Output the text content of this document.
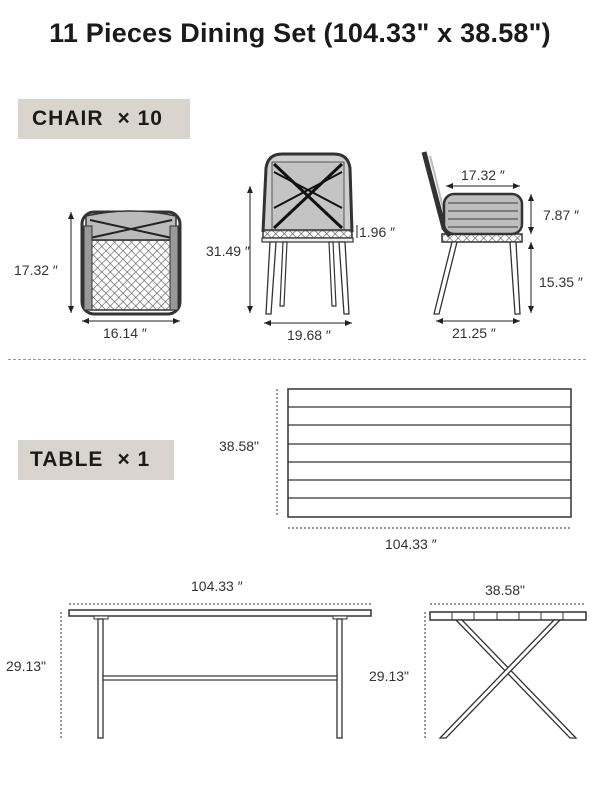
11 Pieces Dining Set (104.33" x 38.58")
CHAIR × 10
TABLE × 1
17.32 ″
16.14 ″
31.49 ″
1.96 ″
19.68 ″
17.32 ″
7.87 ″
15.35 ″
21.25 ″
38.58"
104.33 ″
104.33 ″
29.13"
38.58"
29.13"
